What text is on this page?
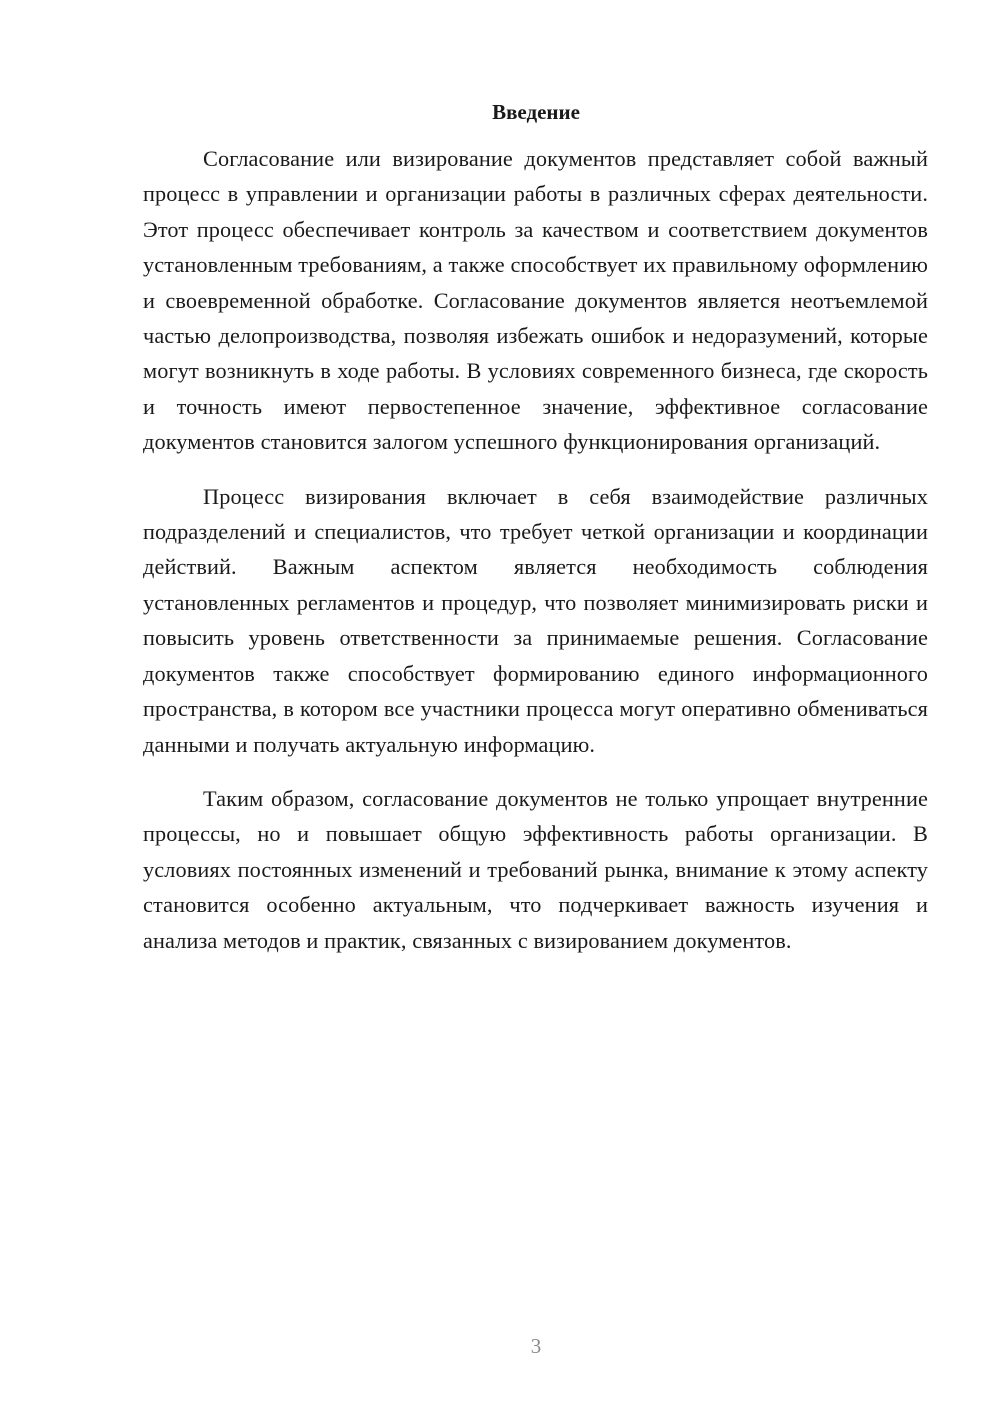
Введение

Согласование или визирование документов представляет собой важный процесс в управлении и организации работы в различных сферах деятельности. Этот процесс обеспечивает контроль за качеством и соответствием документов установленным требованиям, а также способствует их правильному оформлению и своевременной обработке. Согласование документов является неотъемлемой частью делопроизводства, позволяя избежать ошибок и недоразумений, которые могут возникнуть в ходе работы. В условиях современного бизнеса, где скорость и точность имеют первостепенное значение, эффективное согласование документов становится залогом успешного функционирования организаций.

Процесс визирования включает в себя взаимодействие различных подразделений и специалистов, что требует четкой организации и координации действий. Важным аспектом является необходимость соблюдения установленных регламентов и процедур, что позволяет минимизировать риски и повысить уровень ответственности за принимаемые решения. Согласование документов также способствует формированию единого информационного пространства, в котором все участники процесса могут оперативно обмениваться данными и получать актуальную информацию.

Таким образом, согласование документов не только упрощает внутренние процессы, но и повышает общую эффективность работы организации. В условиях постоянных изменений и требований рынка, внимание к этому аспекту становится особенно актуальным, что подчеркивает важность изучения и анализа методов и практик, связанных с визированием документов.

3
